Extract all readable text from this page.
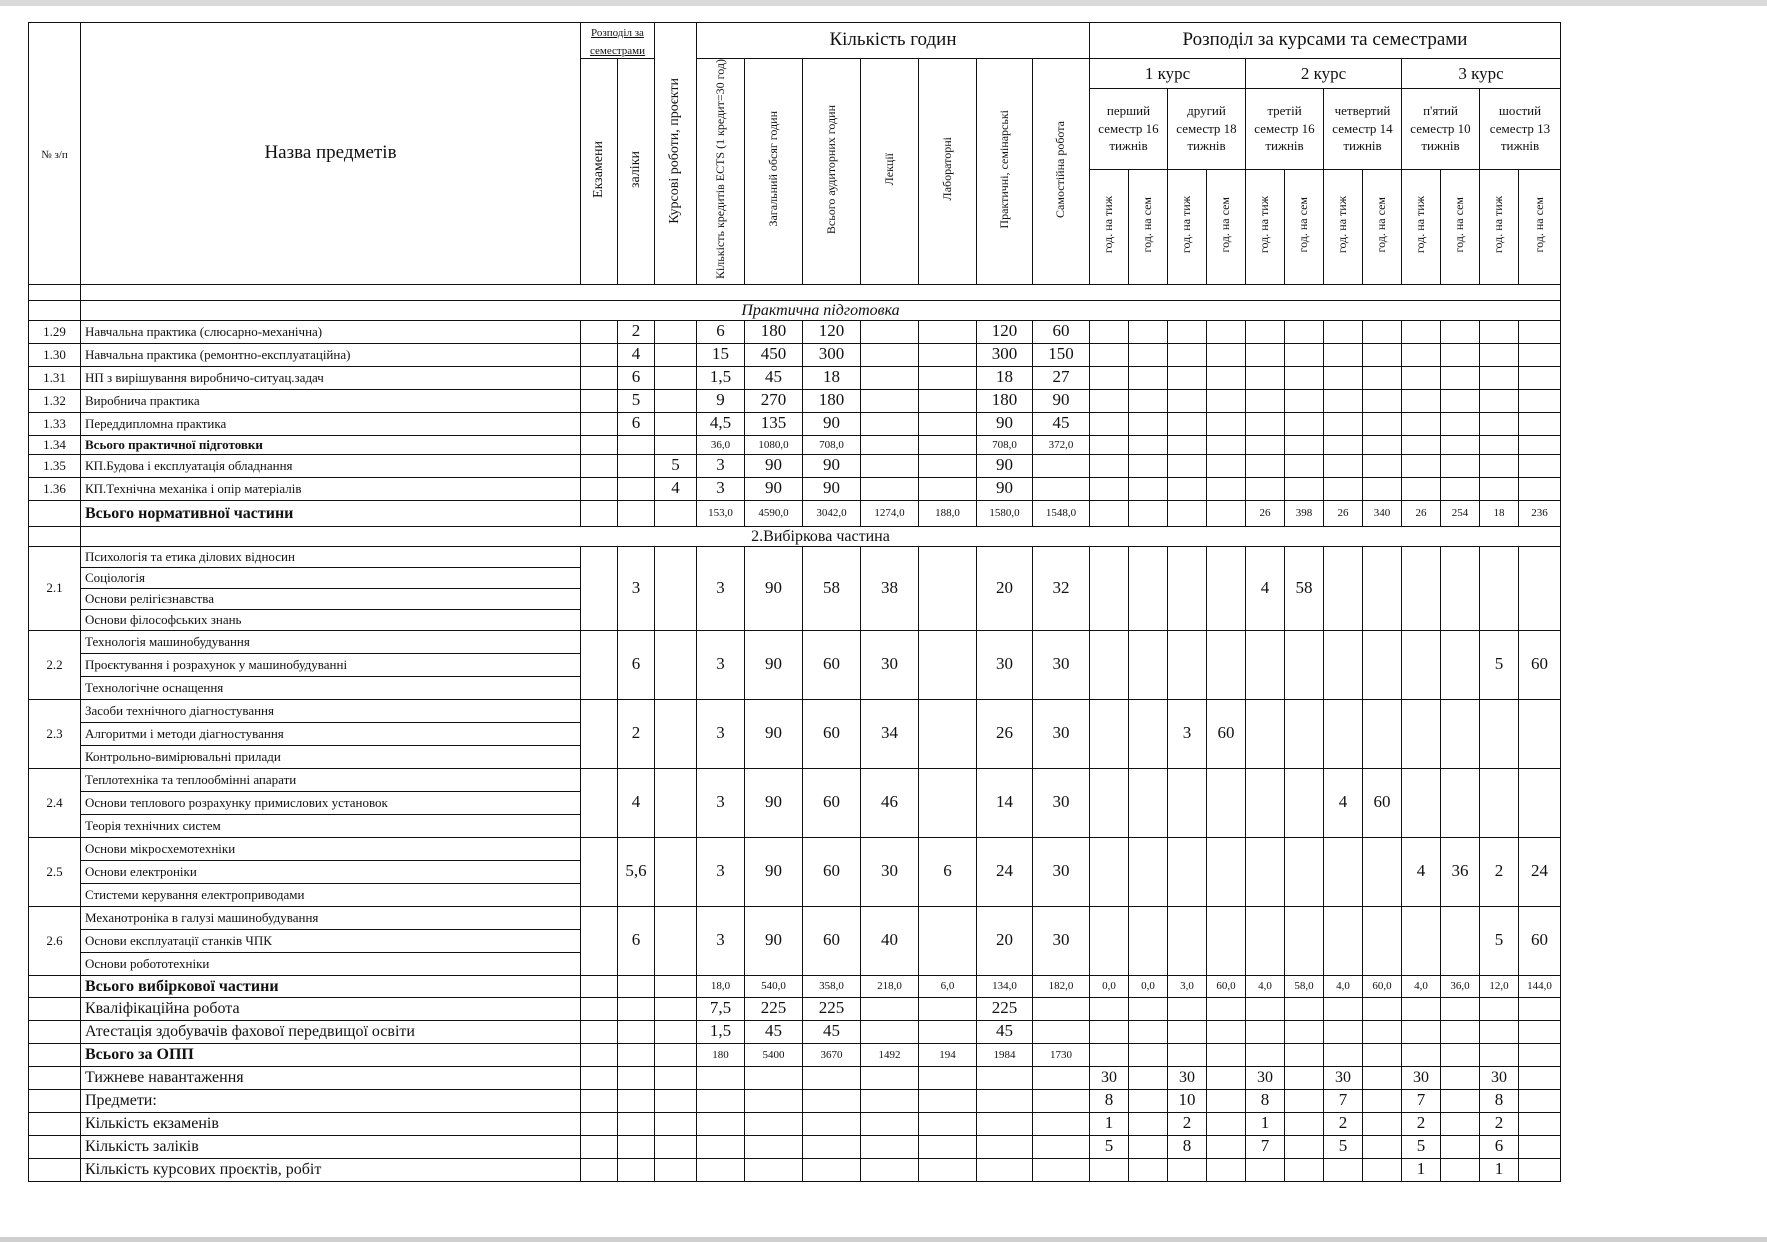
№ з/п	Назва предметів	Розподіл за семестрами		Курсові роботи, проєкти	Кількість годин							Розподіл за курсами та семестрами											
		Екзамени	заліки		Кількість кредитів ECTS (1 кредит=30 год)	Загальний обсяг годин	Всього аудиторних годин	Лекції	Лабораторні	Практичні, семінарські	Самостійна робота	1 курс				2 курс				3 курс			
												перший семестр 16 тижнів		другий семестр 18 тижнів		третій семестр 16 тижнів		четвертий семестр 14 тижнів		п'ятий семестр 10 тижнів		шостий семестр 13 тижнів	
												год. на тиж	год. на сем	год. на тиж	год. на сем	год. на тиж	год. на сем	год. на тиж	год. на сем	год. на тиж	год. на сем	год. на тиж	год. на сем

	Практична підготовка																						
1.29	Навчальна практика (слюсарно-механічна)		2		6	180	120			120	60												
1.30	Навчальна практика (ремонтно-експлуатаційна)		4		15	450	300			300	150												
1.31	НП з вирішування виробничо-ситуац.задач		6		1,5	45	18			18	27												
1.32	Виробнича практика		5		9	270	180			180	90												
1.33	Переддипломна практика		6		4,5	135	90			90	45												
1.34	Всього практичної підготовки				36,0	1080,0	708,0			708,0	372,0												
1.35	КП.Будова і експлуатація обладнання			5	3	90	90			90													
1.36	КП.Технічна механіка і опір матеріалів			4	3	90	90			90													
	Всього нормативної частини				153,0	4590,0	3042,0	1274,0	188,0	1580,0	1548,0					26	398	26	340	26	254	18	236
	2.Вибіркова частина																						
2.1	Психологія та етика ділових відносин		3		3	90	58	38		20	32					4	58						
	Соціологія																						
	Основи релігієзнавства																						
	Основи філософських знань																						
2.2	Технологія машинобудування		6		3	90	60	30		30	30											5	60
	Проєктування і розрахунок у машинобудуванні																						
	Технологічне оснащення																						
2.3	Засоби технічного діагностування		2		3	90	60	34		26	30			3	60								
	Алгоритми і методи діагностування																						
	Контрольно-вимірювальні прилади																						
2.4	Теплотехніка та теплообмінні апарати		4		3	90	60	46		14	30							4	60				
	Основи теплового розрахунку примислових установок																						
	Теорія технічних систем																						
2.5	Основи мікросхемотехніки		5,6		3	90	60	30	6	24	30									4	36	2	24
	Основи електроніки																						
	Стистеми керування електроприводами																						
2.6	Механотроніка в галузі машинобудування		6		3	90	60	40		20	30											5	60
	Основи експлуатації станків ЧПК																						
	Основи робототехніки																						
	Всього вибіркової частини				18,0	540,0	358,0	218,0	6,0	134,0	182,0	0,0	0,0	3,0	60,0	4,0	58,0	4,0	60,0	4,0	36,0	12,0	144,0
	Кваліфікаційна робота				7,5	225	225			225													
	Атестація здобувачів фахової передвищої освіти				1,5	45	45			45													
	Всього за ОПП				180	5400	3670	1492	194	1984	1730												
	Тижневе навантаження											30		30		30		30		30		30	
	Предмети:											8		10		8		7		7		8	
	Кількість екзаменів											1		2		1		2		2		2	
	Кількість заліків											5		8		7		5		5		6	
	Кількість курсових проєктів, робіт																			1		1	
